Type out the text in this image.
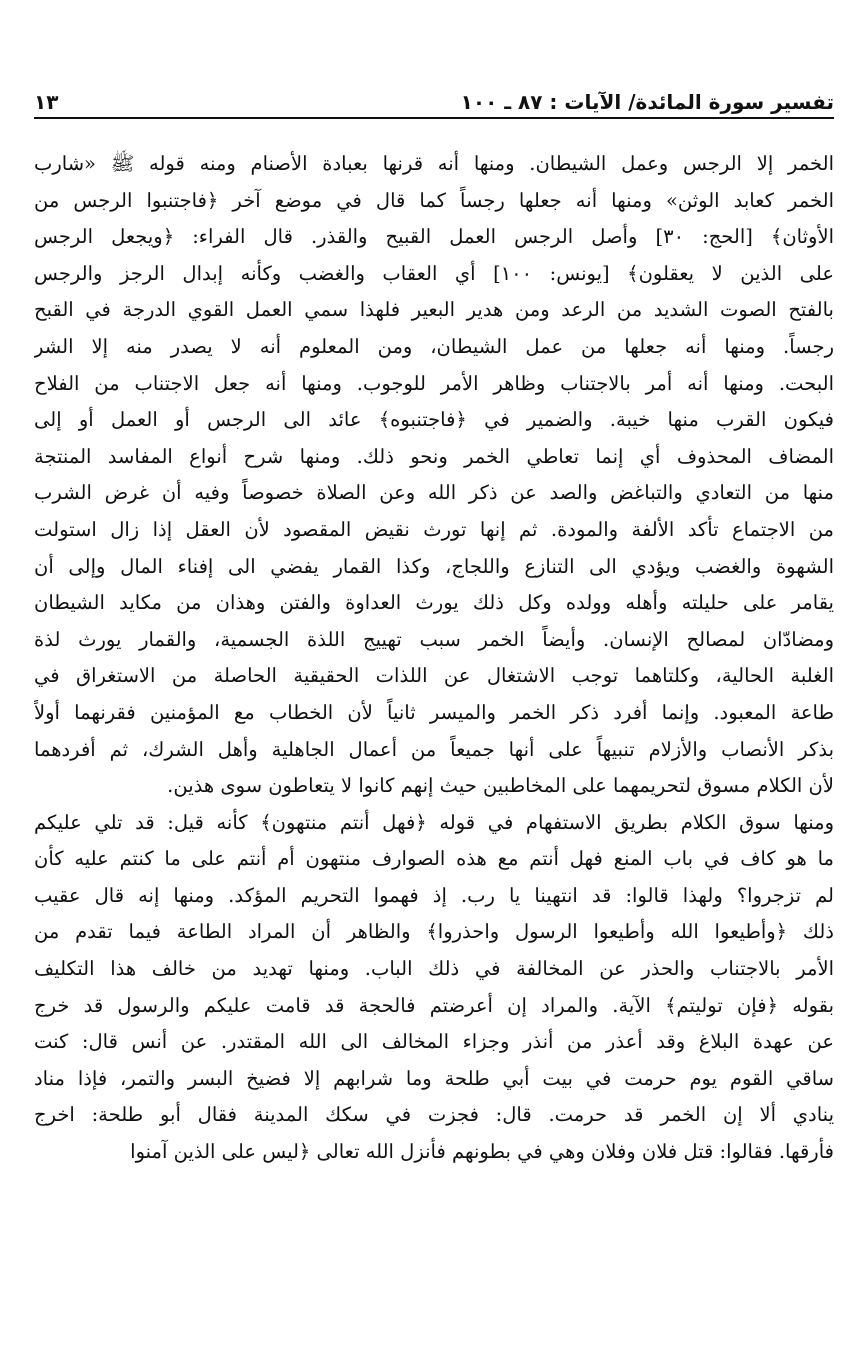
تفسير سورة المائدة/ الآيات : ٨٧ ـ ١٠٠
١٣
الخمر إلا الرجس وعمل الشيطان. ومنها أنه قرنها بعبادة الأصنام ومنه قوله ﷺ «شارب
الخمر كعابد الوثن» ومنها أنه جعلها رجساً كما قال في موضع آخر ﴿فاجتنبوا الرجس من
الأوثان﴾ [الحج: ٣٠] وأصل الرجس العمل القبيح والقذر. قال الفراء: ﴿ويجعل الرجس
على الذين لا يعقلون﴾ [يونس: ١٠٠] أي العقاب والغضب وكأنه إبدال الرجز والرجس
بالفتح الصوت الشديد من الرعد ومن هدير البعير فلهذا سمي العمل القوي الدرجة في القبح
رجساً. ومنها أنه جعلها من عمل الشيطان، ومن المعلوم أنه لا يصدر منه إلا الشر
البحت. ومنها أنه أمر بالاجتناب وظاهر الأمر للوجوب. ومنها أنه جعل الاجتناب من الفلاح
فيكون القرب منها خيبة. والضمير في ﴿فاجتنبوه﴾ عائد الى الرجس أو العمل أو إلى
المضاف المحذوف أي إنما تعاطي الخمر ونحو ذلك. ومنها شرح أنواع المفاسد المنتجة
منها من التعادي والتباغض والصد عن ذكر الله وعن الصلاة خصوصاً وفيه أن غرض الشرب
من الاجتماع تأكد الألفة والمودة. ثم إنها تورث نقيض المقصود لأن العقل إذا زال استولت
الشهوة والغضب ويؤدي الى التنازع واللجاج، وكذا القمار يفضي الى إفناء المال وإلى أن
يقامر على حليلته وأهله وولده وكل ذلك يورث العداوة والفتن وهذان من مكايد الشيطان
ومضادّان لمصالح الإنسان. وأيضاً الخمر سبب تهييج اللذة الجسمية، والقمار يورث لذة
الغلبة الحالية، وكلتاهما توجب الاشتغال عن اللذات الحقيقية الحاصلة من الاستغراق في
طاعة المعبود. وإنما أفرد ذكر الخمر والميسر ثانياً لأن الخطاب مع المؤمنين فقرنهما أولاً
بذكر الأنصاب والأزلام تنبيهاً على أنها جميعاً من أعمال الجاهلية وأهل الشرك، ثم أفردهما
لأن الكلام مسوق لتحريمهما على المخاطبين حيث إنهم كانوا لا يتعاطون سوى هذين.
ومنها سوق الكلام بطريق الاستفهام في قوله ﴿فهل أنتم منتهون﴾ كأنه قيل: قد تلي عليكم
ما هو كاف في باب المنع فهل أنتم مع هذه الصوارف منتهون أم أنتم على ما كنتم عليه كأن
لم تزجروا؟ ولهذا قالوا: قد انتهينا يا رب. إذ فهموا التحريم المؤكد. ومنها إنه قال عقيب
ذلك ﴿وأطيعوا الله وأطيعوا الرسول واحذروا﴾ والظاهر أن المراد الطاعة فيما تقدم من
الأمر بالاجتناب والحذر عن المخالفة في ذلك الباب. ومنها تهديد من خالف هذا التكليف
بقوله ﴿فإن توليتم﴾ الآية. والمراد إن أعرضتم فالحجة قد قامت عليكم والرسول قد خرج
عن عهدة البلاغ وقد أعذر من أنذر وجزاء المخالف الى الله المقتدر. عن أنس قال: كنت
ساقي القوم يوم حرمت في بيت أبي طلحة وما شرابهم إلا فضيخ البسر والتمر، فإذا مناد
ينادي ألا إن الخمر قد حرمت. قال: فجزت في سكك المدينة فقال أبو طلحة: اخرج
فأرقها. فقالوا: قتل فلان وفلان وهي في بطونهم فأنزل الله تعالى ﴿ليس على الذين آمنوا
